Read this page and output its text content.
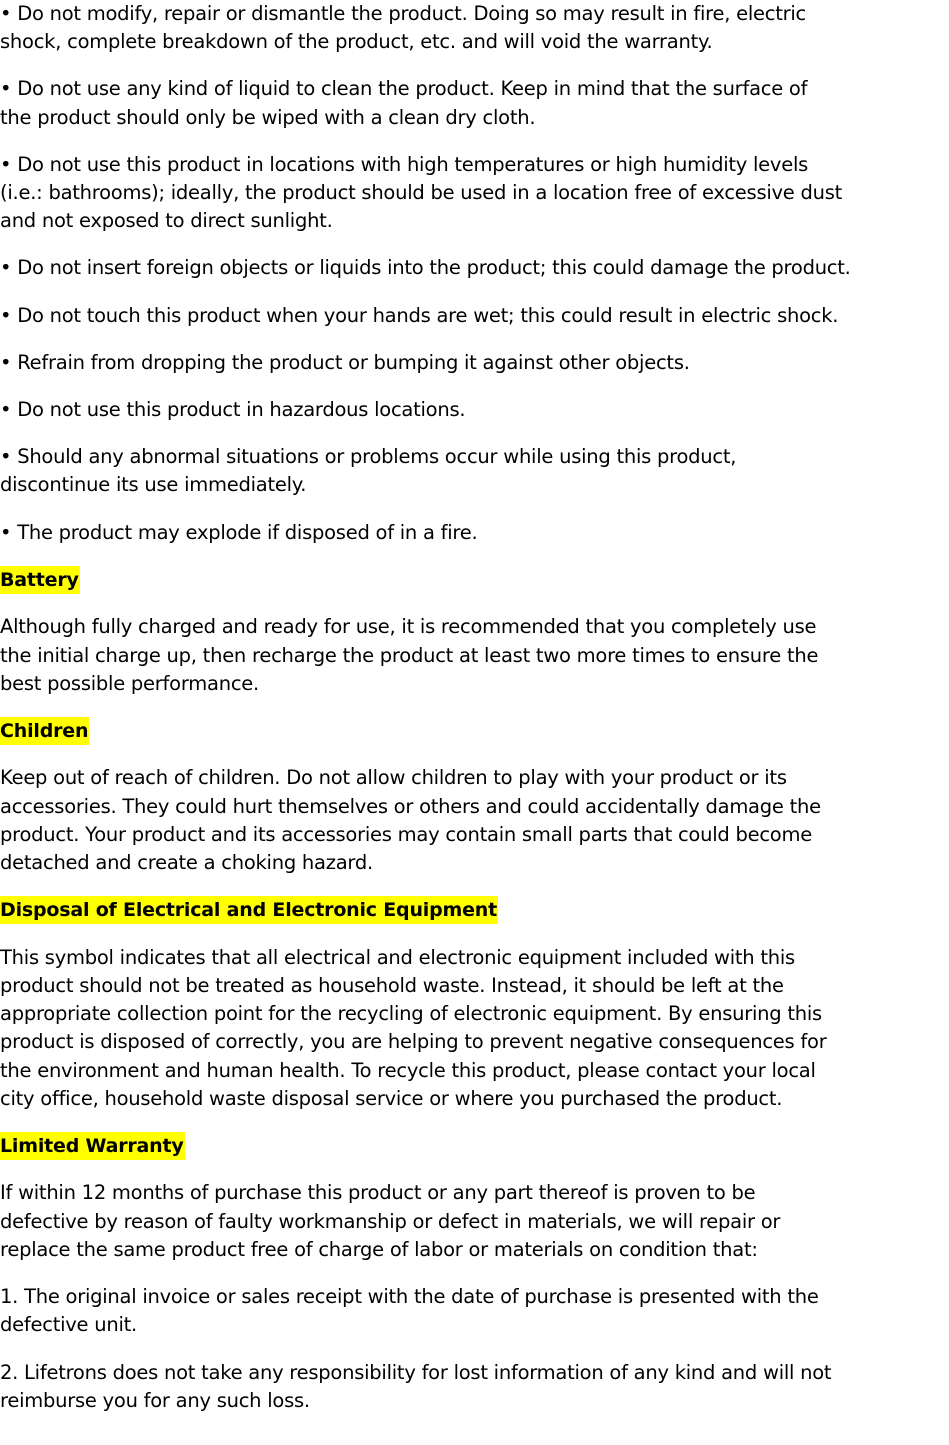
• Do not modify, repair or dismantle the product. Doing so may result in fire, electric
shock, complete breakdown of the product, etc. and will void the warranty.

• Do not use any kind of liquid to clean the product. Keep in mind that the surface of
the product should only be wiped with a clean dry cloth.

• Do not use this product in locations with high temperatures or high humidity levels
(i.e.: bathrooms); ideally, the product should be used in a location free of excessive dust
and not exposed to direct sunlight.

• Do not insert foreign objects or liquids into the product; this could damage the product.

• Do not touch this product when your hands are wet; this could result in electric shock.

• Refrain from dropping the product or bumping it against other objects.

• Do not use this product in hazardous locations.

• Should any abnormal situations or problems occur while using this product,
discontinue its use immediately.

• The product may explode if disposed of in a fire.

Battery

Although fully charged and ready for use, it is recommended that you completely use
the initial charge up, then recharge the product at least two more times to ensure the
best possible performance.

Children

Keep out of reach of children. Do not allow children to play with your product or its
accessories. They could hurt themselves or others and could accidentally damage the
product. Your product and its accessories may contain small parts that could become
detached and create a choking hazard.

Disposal of Electrical and Electronic Equipment

This symbol indicates that all electrical and electronic equipment included with this
product should not be treated as household waste. Instead, it should be left at the
appropriate collection point for the recycling of electronic equipment. By ensuring this
product is disposed of correctly, you are helping to prevent negative consequences for
the environment and human health. To recycle this product, please contact your local
city office, household waste disposal service or where you purchased the product.

Limited Warranty

If within 12 months of purchase this product or any part thereof is proven to be
defective by reason of faulty workmanship or defect in materials, we will repair or
replace the same product free of charge of labor or materials on condition that:

1. The original invoice or sales receipt with the date of purchase is presented with the
defective unit.

2. Lifetrons does not take any responsibility for lost information of any kind and will not
reimburse you for any such loss.
